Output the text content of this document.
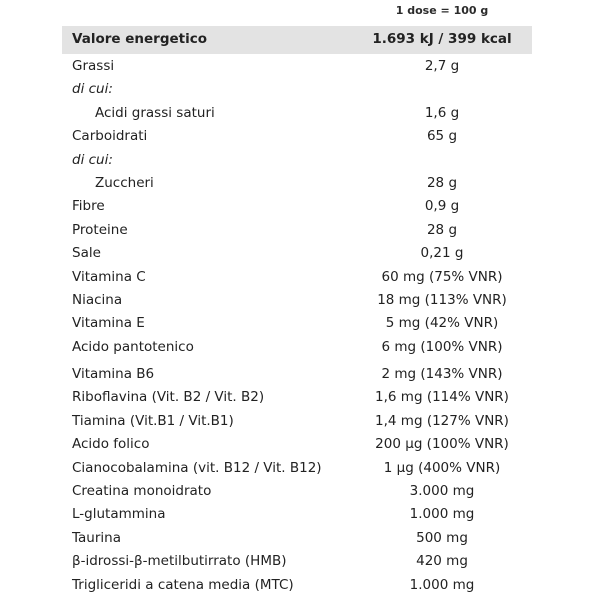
1 dose = 100 g
Valore energetico	1.693 kJ / 399 kcal
Grassi	2,7 g
di cui:
Acidi grassi saturi	1,6 g
Carboidrati	65 g
di cui:
Zuccheri	28 g
Fibre	0,9 g
Proteine	28 g
Sale	0,21 g
Vitamina C	60 mg (75% VNR)
Niacina	18 mg (113% VNR)
Vitamina E	5 mg (42% VNR)
Acido pantotenico	6 mg (100% VNR)
Vitamina B6	2 mg (143% VNR)
Riboflavina (Vit. B2 / Vit. B2)	1,6 mg (114% VNR)
Tiamina (Vit.B1 / Vit.B1)	1,4 mg (127% VNR)
Acido folico	200 µg (100% VNR)
Cianocobalamina (vit. B12 / Vit. B12)	1 µg (400% VNR)
Creatina monoidrato	3.000 mg
L-glutammina	1.000 mg
Taurina	500 mg
β-idrossi-β-metilbutirrato (HMB)	420 mg
Trigliceridi a catena media (MTC)	1.000 mg
